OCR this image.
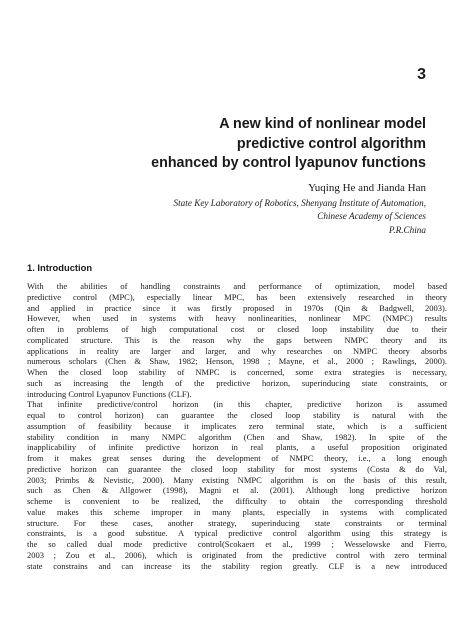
3
A new kind of nonlinear model
predictive control algorithm
enhanced by control lyapunov functions
Yuqing He and Jianda Han
State Key Laboratory of Robotics, Shenyang Institute of Automation,
Chinese Academy of Sciences
P.R.China
1. Introduction
With the abilities of handling constraints and performance of optimization, model based
predictive control (MPC), especially linear MPC, has been extensively researched in theory
and applied in practice since it was firstly proposed in 1970s (Qin & Badgwell, 2003).
However, when used in systems with heavy nonlinearities, nonlinear MPC (NMPC) results
often in problems of high computational cost or closed loop instability due to their
complicated structure. This is the reason why the gaps between NMPC theory and its
applications in reality are larger and larger, and why researches on NMPC theory absorbs
numerous scholars (Chen & Shaw, 1982; Henson, 1998 ; Mayne, et al., 2000 ; Rawlings, 2000).
When the closed loop stability of NMPC is concerned, some extra strategies is necessary,
such as increasing the length of the predictive horizon, superinducing state constraints, or
introducing Control Lyapunov Functions (CLF).
That infinite predictive/control horizon (in this chapter, predictive horizon is assumed
equal to control horizon) can guarantee the closed loop stability is natural with the
assumption of feasibility because it implicates zero terminal state, which is a sufficient
stability condition in many NMPC algorithm (Chen and Shaw, 1982). In spite of the
inapplicability of infinite predictive horizon in real plants, a useful proposition originated
from it makes great senses during the development of NMPC theory, i.e., a long enough
predictive horizon can guarantee the closed loop stability for most systems (Costa & do Val,
2003; Primbs & Nevistic, 2000). Many existing NMPC algorithm is on the basis of this result,
such as Chen & Allgower (1998), Magni et al. (2001). Although long predictive horizon
scheme is convenient to be realized, the difficulty to obtain the corresponding threshold
value makes this scheme improper in many plants, especially in systems with complicated
structure. For these cases, another strategy, superinducing state constraints or terminal
constraints, is a good substitue. A typical predictive control algorithm using this strategy is
the so called dual mode predictive control(Scokaert et al., 1999 ; Wesselowske and Fierro,
2003 ; Zou et al., 2006), which is originated from the predictive control with zero terminal
state constrains and can increase its the stability region greatly. CLF is a new introduced
